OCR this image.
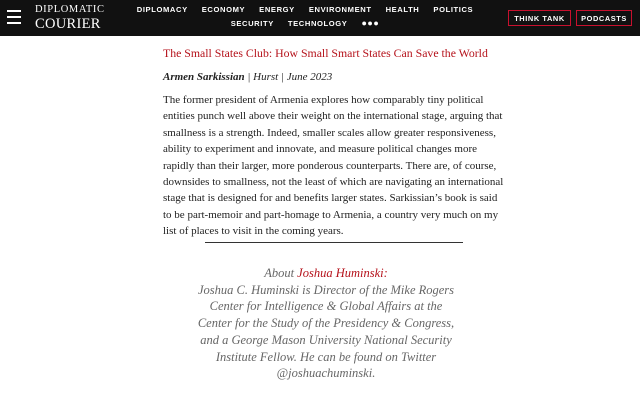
DIPLOMATIC
COURIER
DIPLOMACY	ECONOMY	ENERGY	ENVIRONMENT	HEALTH	POLITICS
SECURITY	TECHNOLOGY	●●●	THINK TANK	PODCASTS
The Small States Club: How Small Smart States Can Save the World
Armen Sarkissian | Hurst | June 2023

The former president of Armenia explores how comparably tiny political entities punch well above their weight on the international stage, arguing that smallness is a strength. Indeed, smaller scales allow greater responsiveness, ability to experiment and innovate, and measure political changes more rapidly than their larger, more ponderous counterparts. There are, of course, downsides to smallness, not the least of which are navigating an international stage that is designed for and benefits larger states. Sarkissian’s book is said to be part-memoir and part-homage to Armenia, a country very much on my list of places to visit in the coming years.

About Joshua Huminski:
Joshua C. Huminski is Director of the Mike Rogers Center for Intelligence & Global Affairs at the Center for the Study of the Presidency & Congress, and a George Mason University National Security Institute Fellow. He can be found on Twitter @joshuachuminski.
